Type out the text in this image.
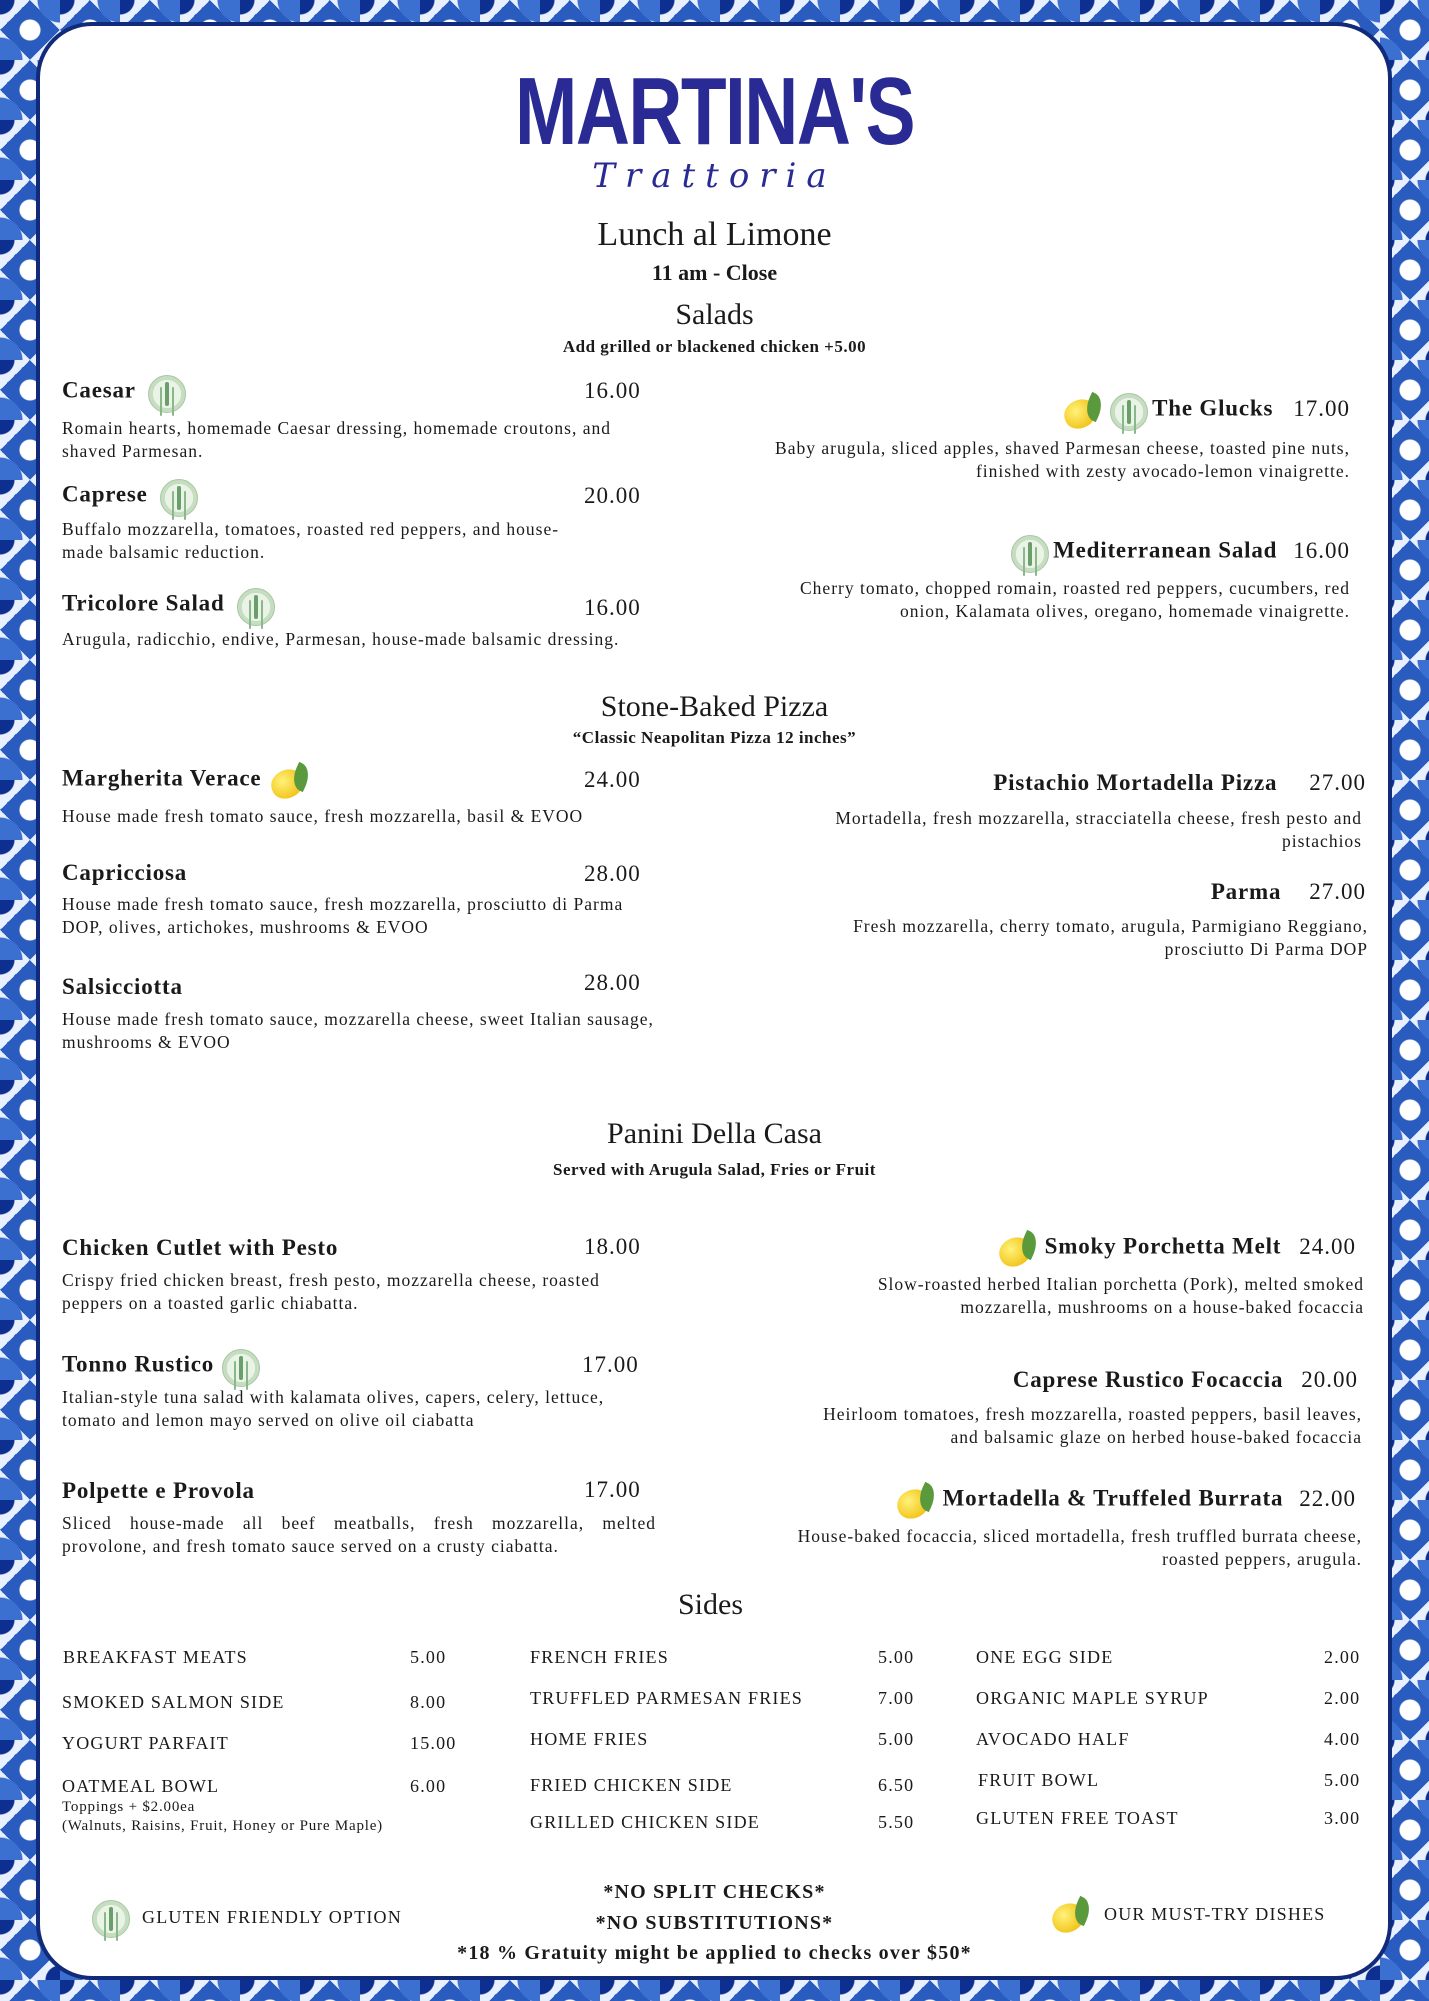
MARTINA'S
Trattoria
Lunch al Limone
11 am - Close
Salads
Add grilled or blackened chicken +5.00
Caesar	16.00
Romain hearts, homemade Caesar dressing, homemade croutons, and shaved Parmesan.
Caprese	20.00
Buffalo mozzarella, tomatoes, roasted red peppers, and house-made balsamic reduction.
Tricolore Salad	16.00
Arugula, radicchio, endive, Parmesan, house-made balsamic dressing.
The Glucks 17.00
Baby arugula, sliced apples, shaved Parmesan cheese, toasted pine nuts, finished with zesty avocado-lemon vinaigrette.
Mediterranean Salad 16.00
Cherry tomato, chopped romain, roasted red peppers, cucumbers, red onion, Kalamata olives, oregano, homemade vinaigrette.
Stone-Baked Pizza
“Classic Neapolitan Pizza 12 inches”
Margherita Verace	24.00
House made fresh tomato sauce, fresh mozzarella, basil & EVOO
Capricciosa	28.00
House made fresh tomato sauce, fresh mozzarella, prosciutto di Parma DOP, olives, artichokes, mushrooms & EVOO
Salsicciotta	28.00
House made fresh tomato sauce, mozzarella cheese, sweet Italian sausage, mushrooms & EVOO
Pistachio Mortadella Pizza 27.00
Mortadella, fresh mozzarella, stracciatella cheese, fresh pesto and pistachios
Parma 27.00
Fresh mozzarella, cherry tomato, arugula, Parmigiano Reggiano, prosciutto Di Parma DOP
Panini Della Casa
Served with Arugula Salad, Fries or Fruit
Chicken Cutlet with Pesto	18.00
Crispy fried chicken breast, fresh pesto, mozzarella cheese, roasted peppers on a toasted garlic chiabatta.
Tonno Rustico	17.00
Italian-style tuna salad with kalamata olives, capers, celery, lettuce, tomato and lemon mayo served on olive oil ciabatta
Polpette e Provola	17.00
Sliced house-made all beef meatballs, fresh mozzarella, melted provolone, and fresh tomato sauce served on a crusty ciabatta.
Smoky Porchetta Melt 24.00
Slow-roasted herbed Italian porchetta (Pork), melted smoked mozzarella, mushrooms on a house-baked focaccia
Caprese Rustico Focaccia 20.00
Heirloom tomatoes, fresh mozzarella, roasted peppers, basil leaves, and balsamic glaze on herbed house-baked focaccia
Mortadella & Truffeled Burrata 22.00
House-baked focaccia, sliced mortadella, fresh truffled burrata cheese, roasted peppers, arugula.
Sides
BREAKFAST MEATS	5.00
SMOKED SALMON SIDE	8.00
YOGURT PARFAIT	15.00
OATMEAL BOWL	6.00
Toppings + $2.00ea
(Walnuts, Raisins, Fruit, Honey or Pure Maple)
FRENCH FRIES	5.00
TRUFFLED PARMESAN FRIES	7.00
HOME FRIES	5.00
FRIED CHICKEN SIDE	6.50
GRILLED CHICKEN SIDE	5.50
ONE EGG SIDE	2.00
ORGANIC MAPLE SYRUP	2.00
AVOCADO HALF	4.00
FRUIT BOWL	5.00
GLUTEN FREE TOAST	3.00
*NO SPLIT CHECKS*
*NO SUBSTITUTIONS*
*18 % Gratuity might be applied to checks over $50*
GLUTEN FRIENDLY OPTION	OUR MUST-TRY DISHES
